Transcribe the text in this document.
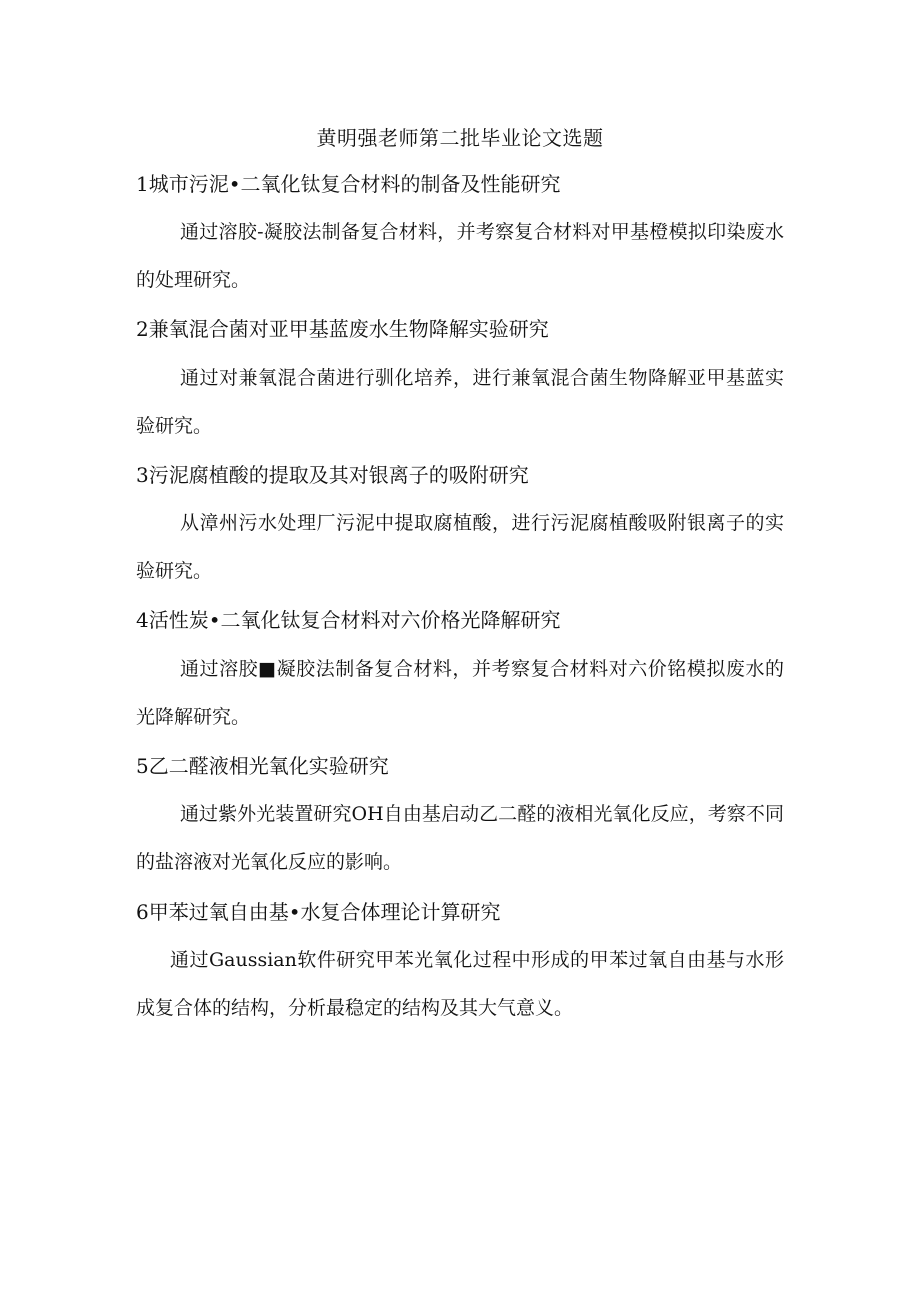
黄明强老师第二批毕业论文选题
1城市污泥•二氧化钛复合材料的制备及性能研究
通过溶胶-凝胶法制备复合材料，并考察复合材料对甲基橙模拟印染废水的处理研究。
2兼氧混合菌对亚甲基蓝废水生物降解实验研究
通过对兼氧混合菌进行驯化培养，进行兼氧混合菌生物降解亚甲基蓝实验研究。
3污泥腐植酸的提取及其对银离子的吸附研究
从漳州污水处理厂污泥中提取腐植酸，进行污泥腐植酸吸附银离子的实验研究。
4活性炭•二氧化钛复合材料对六价格光降解研究
通过溶胶■凝胶法制备复合材料，并考察复合材料对六价铭模拟废水的光降解研究。
5乙二醛液相光氧化实验研究
通过紫外光装置研究OH自由基启动乙二醛的液相光氧化反应，考察不同的盐溶液对光氧化反应的影响。
6甲苯过氧自由基•水复合体理论计算研究
通过Gaussian软件研究甲苯光氧化过程中形成的甲苯过氧自由基与水形成复合体的结构，分析最稳定的结构及其大气意义。
